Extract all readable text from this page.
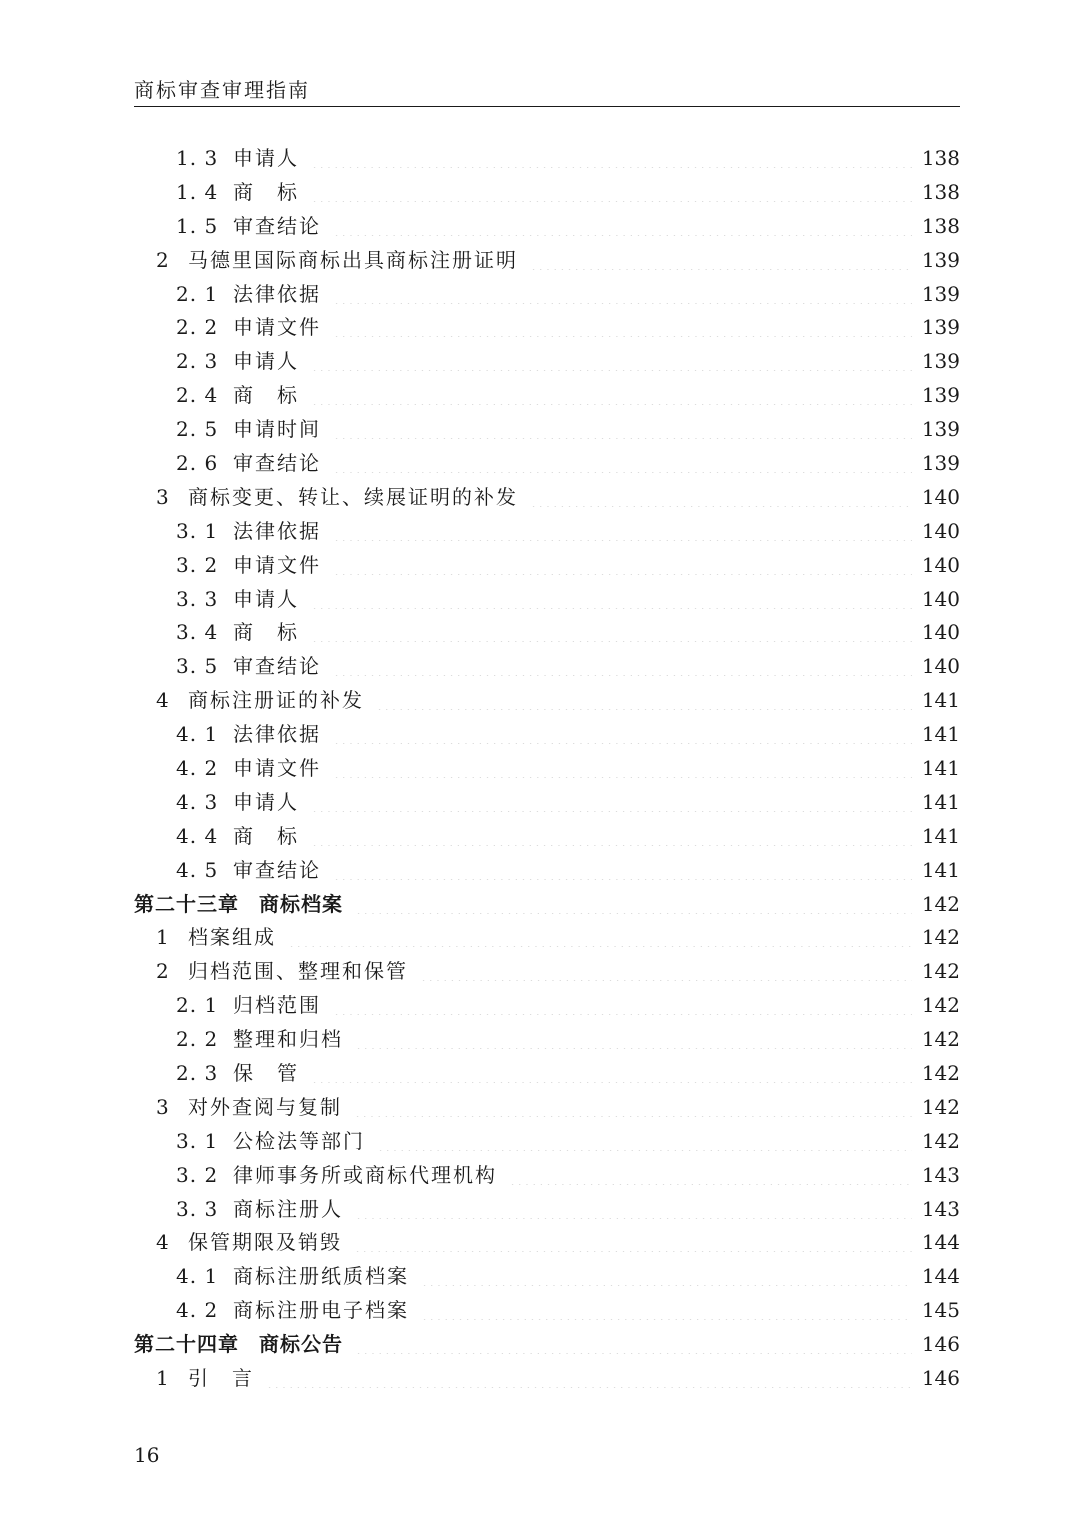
商标审查审理指南
1. 3 申请人	138
1. 4 商　标	138
1. 5 审查结论	138
2 马德里国际商标出具商标注册证明	139
2. 1 法律依据	139
2. 2 申请文件	139
2. 3 申请人	139
2. 4 商　标	139
2. 5 申请时间	139
2. 6 审查结论	139
3 商标变更、转让、续展证明的补发	140
3. 1 法律依据	140
3. 2 申请文件	140
3. 3 申请人	140
3. 4 商　标	140
3. 5 审查结论	140
4 商标注册证的补发	141
4. 1 法律依据	141
4. 2 申请文件	141
4. 3 申请人	141
4. 4 商　标	141
4. 5 审查结论	141
第二十三章 商标档案	142
1 档案组成	142
2 归档范围、整理和保管	142
2. 1 归档范围	142
2. 2 整理和归档	142
2. 3 保　管	142
3 对外查阅与复制	142
3. 1 公检法等部门	142
3. 2 律师事务所或商标代理机构	143
3. 3 商标注册人	143
4 保管期限及销毁	144
4. 1 商标注册纸质档案	144
4. 2 商标注册电子档案	145
第二十四章 商标公告	146
1 引　言	146
16
